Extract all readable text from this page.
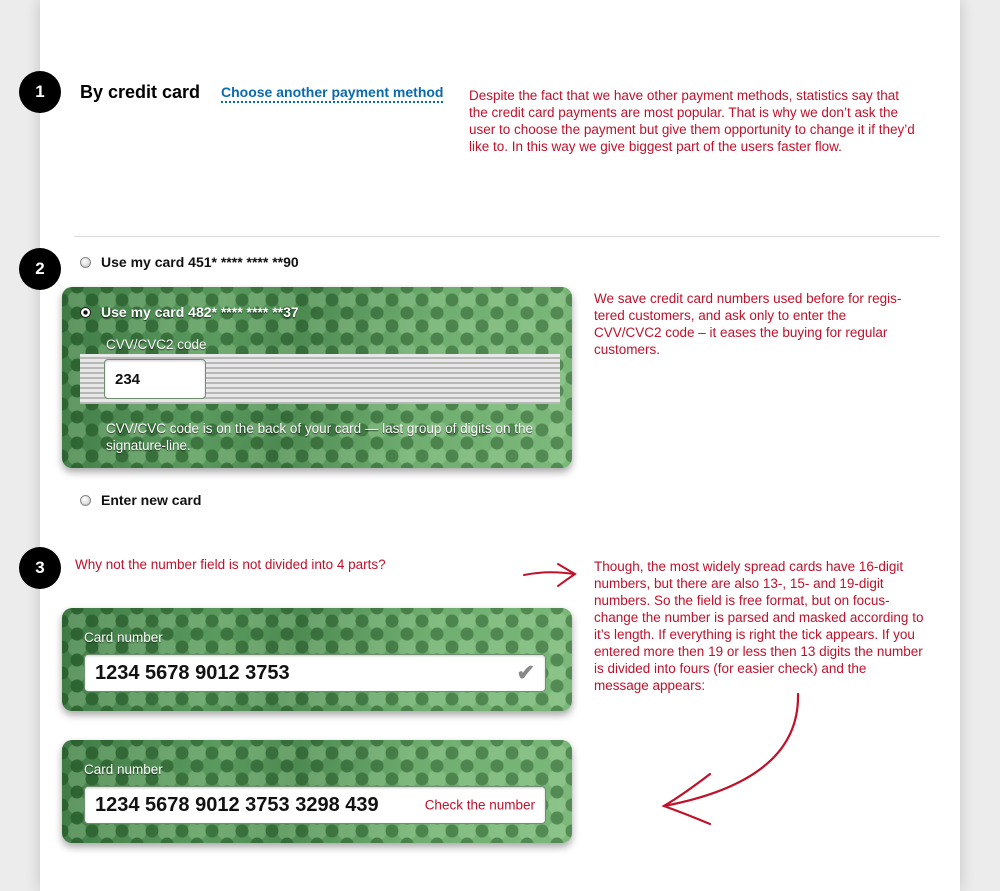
1 By credit card Choose another payment method Despite the fact that we have other payment methods, statistics say that the credit card payments are most popular. That is why we don’t ask the user to choose the payment but give them opportunity to change it if they’d like to. In this way we give biggest part of the users faster flow.
2	Use my card 451* **** **** **90
Use my card 482* **** **** **37
CVV/CVC2 code
234
CVV/CVC code is on the back of your card — last group of digits on the signature-line.
We save credit card numbers used before for regis-tered customers, and ask only to enter the CVV/CVC2 code – it eases the buying for regular customers.
Enter new card
3 Why not the number field is not divided into 4 parts?	Though, the most widely spread cards have 16-digit numbers, but there are also 13-, 15- and 19-digit numbers. So the field is free format, but on focus-change the number is parsed and masked according to it’s length. If everything is right the tick appears. If you entered more then 19 or less then 13 digits the number is divided into fours (for easier check) and the message appears:
Card number
1234 5678 9012 3753	✔
Card number
1234 5678 9012 3753 3298 439	Check the number
